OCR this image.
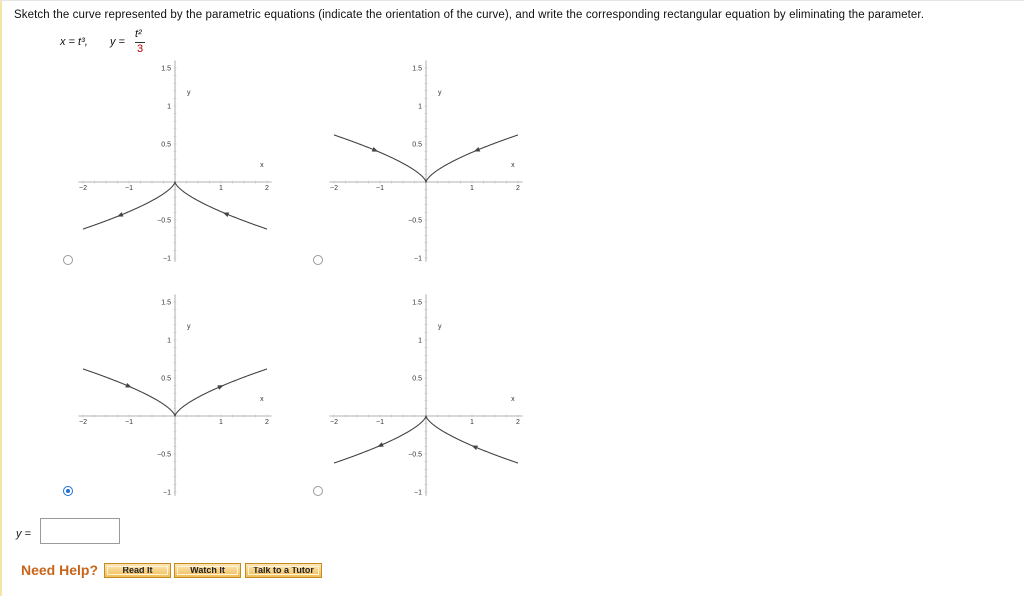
Sketch the curve represented by the parametric equations (indicate the orientation of the curve), and write the corresponding rectangular equation by eliminating the parameter.
x = t³, y =
t²
3
−2	−1	1	2
1.5
1
0.5
−0.5
−1
x
y
−2	−1	1	2
1.5
1
0.5
−0.5
−1
x
y
−2	−1	1	2
1.5
1
0.5
−0.5
−1
x
y
−2	−1	1	2
1.5
1
0.5
−0.5
−1
x
y
y =
Need Help?	Read It	Watch It	Talk to a Tutor
